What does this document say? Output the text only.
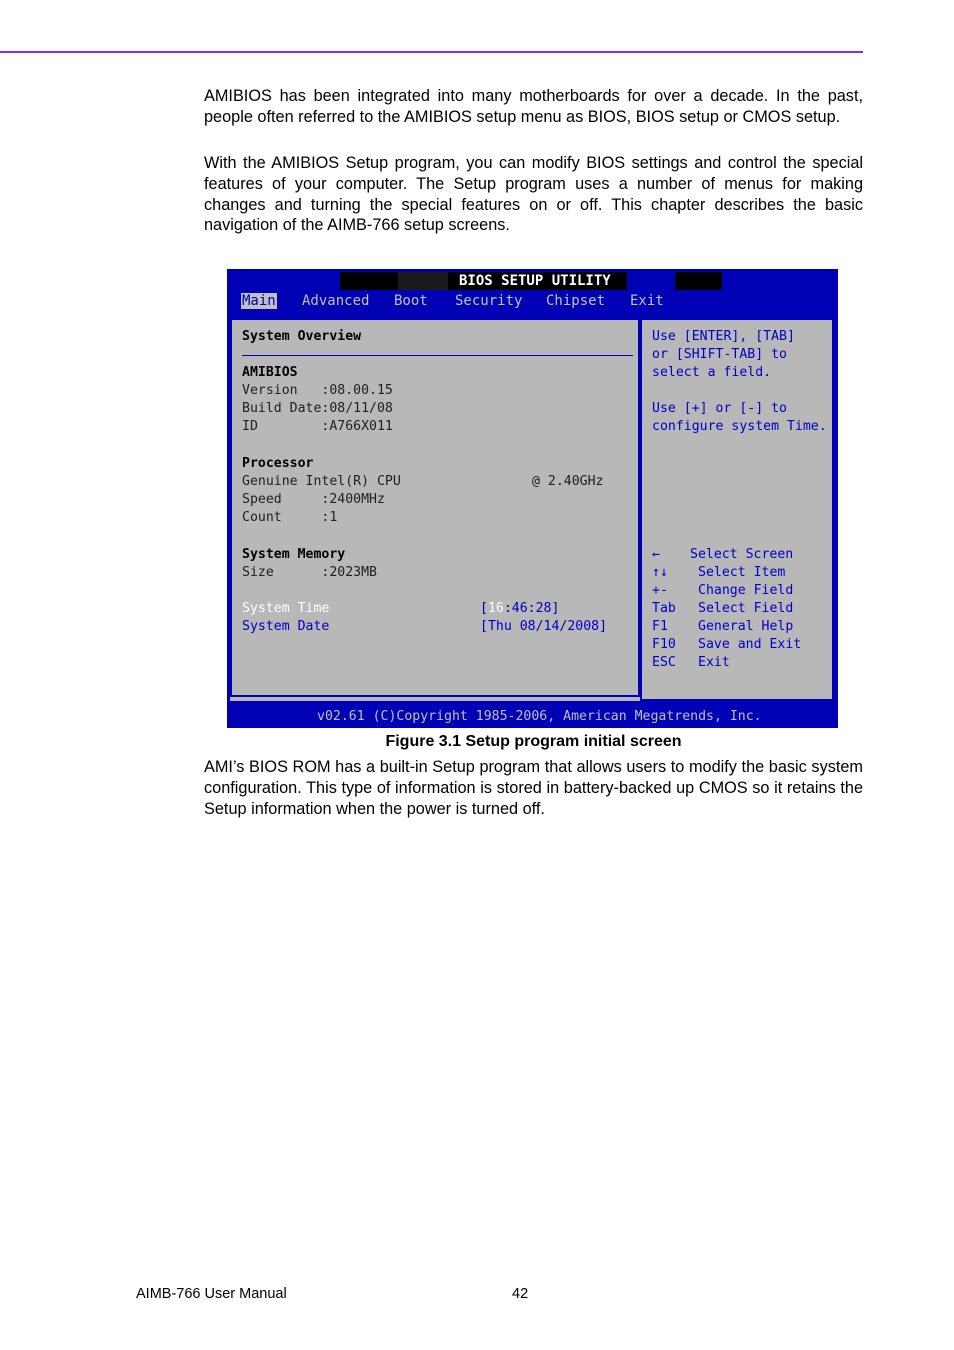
AMIBIOS has been integrated into many motherboards for over a decade. In the past, people often referred to the AMIBIOS setup menu as BIOS, BIOS setup or CMOS setup.

With the AMIBIOS Setup program, you can modify BIOS settings and control the special features of your computer. The Setup program uses a number of menus for making changes and turning the special features on or off. This chapter describes the basic navigation of the AIMB-766 setup screens.

BIOS SETUP UTILITY
Main Advanced Boot Security Chipset Exit
System Overview
AMIBIOS
Version   :08.00.15
Build Date:08/11/08
ID        :A766X011
Processor
Genuine Intel(R) CPU	@ 2.40GHz
Speed     :2400MHz
Count     :1
System Memory
Size      :2023MB
System Time	[16:46:28]
System Date	[Thu 08/14/2008]
Use [ENTER], [TAB]
or [SHIFT-TAB] to
select a field.
Use [+] or [-] to
configure system Time.
← Select Screen
↑↓ Select Item
+- Change Field
Tab Select Field
F1 General Help
F10 Save and Exit
ESC Exit
v02.61 (C)Copyright 1985-2006, American Megatrends, Inc.
Figure 3.1 Setup program initial screen

AMI’s BIOS ROM has a built-in Setup program that allows users to modify the basic system configuration. This type of information is stored in battery-backed up CMOS so it retains the Setup information when the power is turned off.

AIMB-766 User Manual	42
